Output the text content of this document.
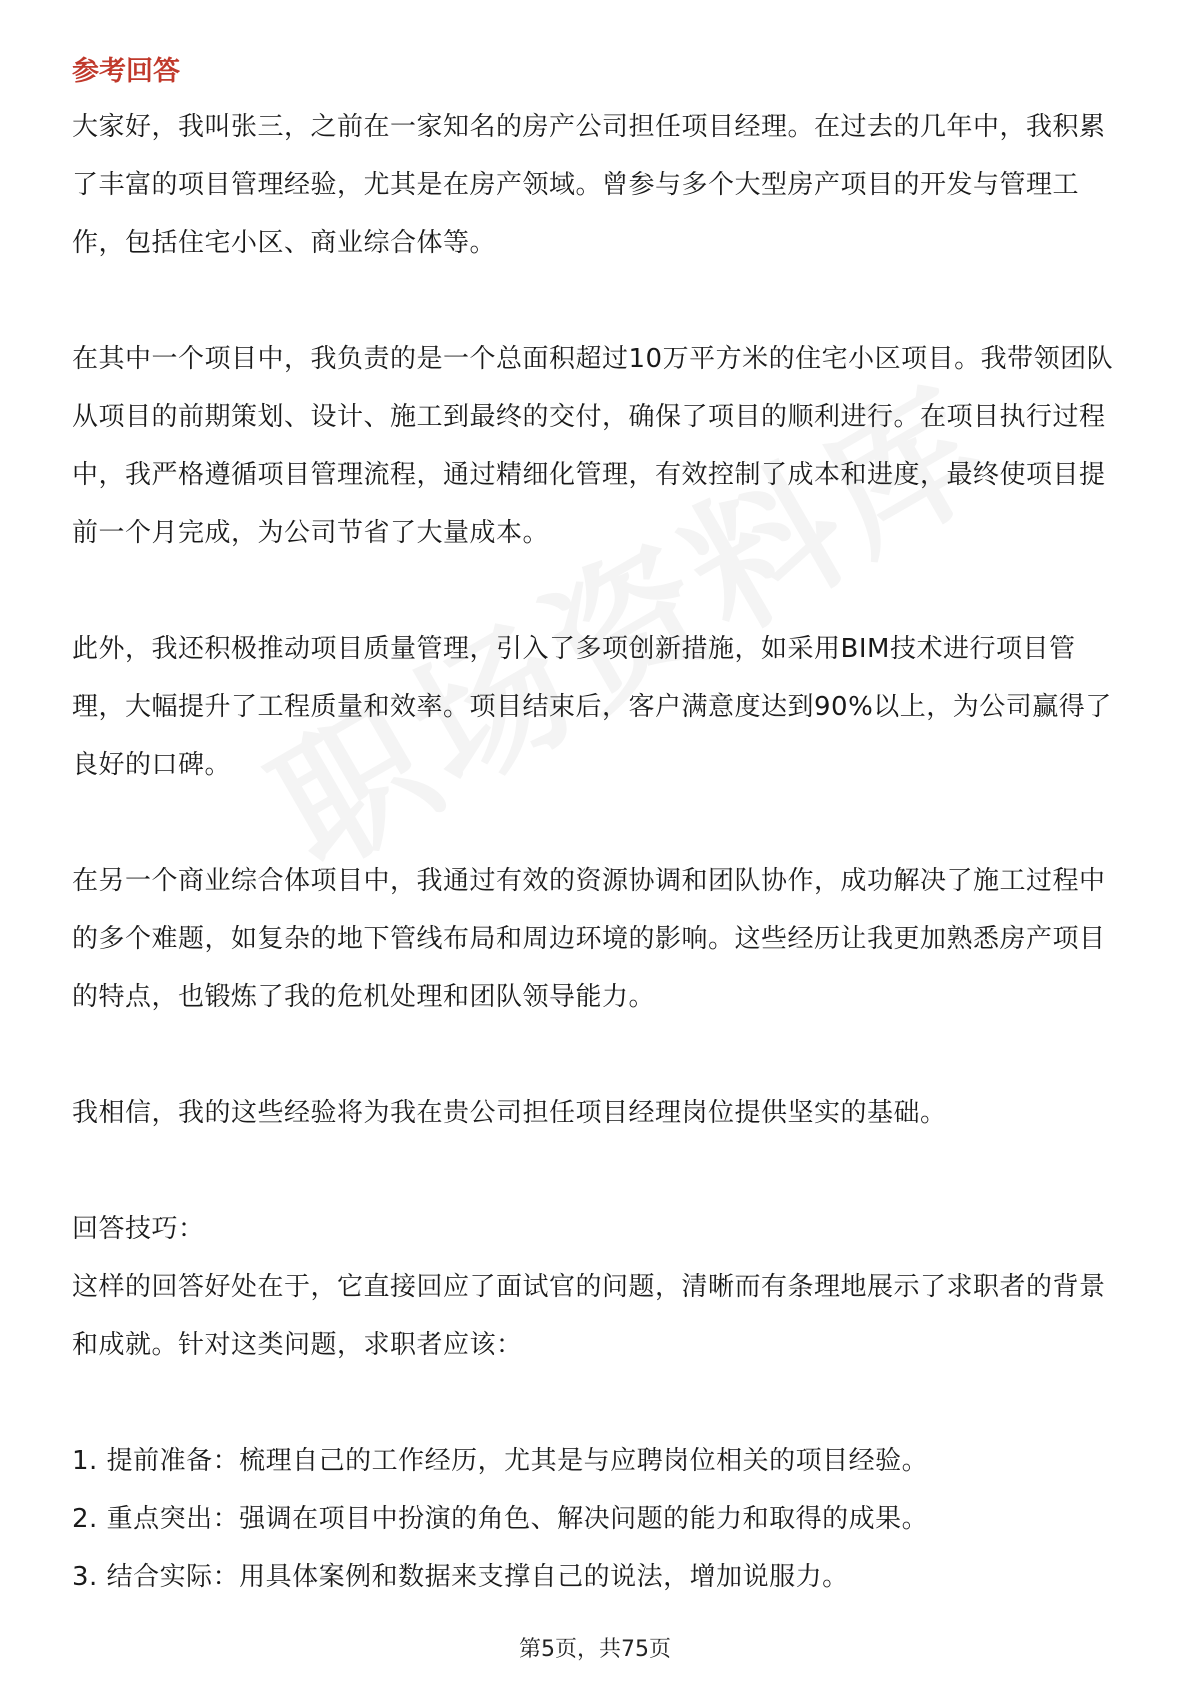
参考回答

大家好，我叫张三，之前在一家知名的房产公司担任项目经理。在过去的几年中，我积累了丰富的项目管理经验，尤其是在房产领域。曾参与多个大型房产项目的开发与管理工作，包括住宅小区、商业综合体等。

在其中一个项目中，我负责的是一个总面积超过10万平方米的住宅小区项目。我带领团队从项目的前期策划、设计、施工到最终的交付，确保了项目的顺利进行。在项目执行过程中，我严格遵循项目管理流程，通过精细化管理，有效控制了成本和进度，最终使项目提前一个月完成，为公司节省了大量成本。

此外，我还积极推动项目质量管理，引入了多项创新措施，如采用BIM技术进行项目管理，大幅提升了工程质量和效率。项目结束后，客户满意度达到90%以上，为公司赢得了良好的口碑。

在另一个商业综合体项目中，我通过有效的资源协调和团队协作，成功解决了施工过程中的多个难题，如复杂的地下管线布局和周边环境的影响。这些经历让我更加熟悉房产项目的特点，也锻炼了我的危机处理和团队领导能力。

我相信，我的这些经验将为我在贵公司担任项目经理岗位提供坚实的基础。

回答技巧：

这样的回答好处在于，它直接回应了面试官的问题，清晰而有条理地展示了求职者的背景和成就。针对这类问题，求职者应该：

1. 提前准备：梳理自己的工作经历，尤其是与应聘岗位相关的项目经验。

2. 重点突出：强调在项目中扮演的角色、解决问题的能力和取得的成果。

3. 结合实际：用具体案例和数据来支撑自己的说法，增加说服力。

第5页，共75页
